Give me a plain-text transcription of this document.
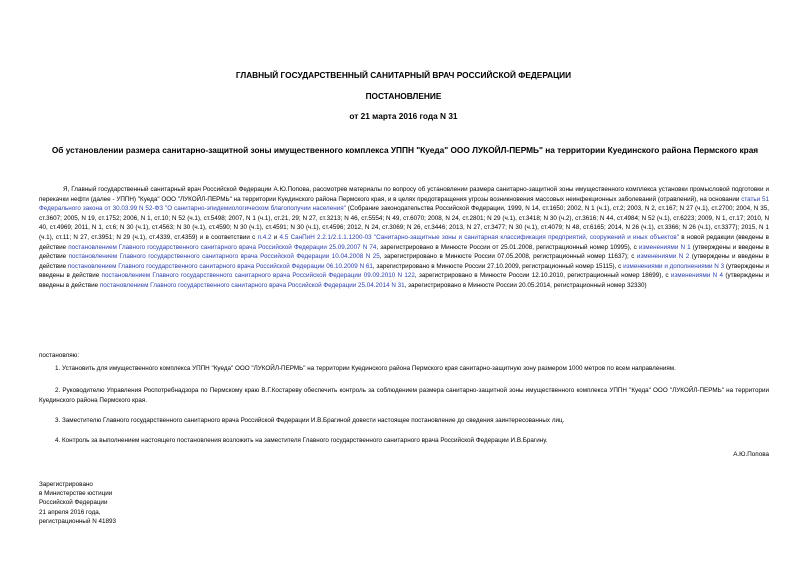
ГЛАВНЫЙ ГОСУДАРСТВЕННЫЙ САНИТАРНЫЙ ВРАЧ РОССИЙСКОЙ ФЕДЕРАЦИИ
ПОСТАНОВЛЕНИЕ
от 21 марта 2016 года N 31
Об установлении размера санитарно-защитной зоны имущественного комплекса УППН "Куеда" ООО ЛУКОЙЛ-ПЕРМЬ" на территории Куединского района Пермского края
Я, Главный государственный санитарный врач Российской Федерации А.Ю.Попова, рассмотрев материалы по вопросу об установлении размера санитарно-защитной зоны имущественного комплекса установки промысловой подготовки и перекачки нефти (далее - УППН) "Куеда" ООО "ЛУКОЙЛ-ПЕРМЬ" на территории Куединского района Пермского края, и в целях предотвращения угрозы возникновения массовых неинфекционных заболеваний (отравлений), на основании статьи 51 Федерального закона от 30.03.99 N 52-ФЗ "О санитарно-эпидемиологическом благополучии населения" (Собрание законодательства Российской Федерации, 1999, N 14, ст.1650; 2002, N 1 (ч.1), ст.2; 2003, N 2, ст.167; N 27 (ч.1), ст.2700; 2004, N 35, ст.3607; 2005, N 19, ст.1752; 2006, N 1, ст.10; N 52 (ч.1), ст.5498; 2007, N 1 (ч.1), ст.21, 29; N 27, ст.3213; N 46, ст.5554; N 49, ст.6070; 2008, N 24, ст.2801; N 29 (ч.1), ст.3418; N 30 (ч.2), ст.3616; N 44, ст.4984; N 52 (ч.1), ст.6223; 2009, N 1, ст.17; 2010, N 40, ст.4969; 2011, N 1, ст.6; N 30 (ч.1), ст.4563; N 30 (ч.1), ст.4590; N 30 (ч.1), ст.4591; N 30 (ч.1), ст.4596; 2012, N 24, ст.3069; N 26, ст.3446; 2013, N 27, ст.3477; N 30 (ч.1), ст.4079; N 48, ст.6165; 2014, N 26 (ч.1), ст.3366; N 26 (ч.1), ст.3377); 2015, N 1 (ч.1), ст.11; N 27, ст.3951; N 29 (ч.1), ст.4339, ст.4359) и в соответствии с п.4.2 и 4.5 СанПиН 2.2.1/2.1.1.1200-03 "Санитарно-защитные зоны и санитарная классификация предприятий, сооружений и иных объектов" в новой редакции (введены в действие постановлением Главного государственного санитарного врача Российской Федерации 25.09.2007 N 74, зарегистрировано в Минюсте России от 25.01.2008, регистрационный номер 10995), с изменениями N 1 (утверждены и введены в действие постановлением Главного государственного санитарного врача Российской Федерации 10.04.2008 N 25, зарегистрировано в Минюсте России 07.05.2008, регистрационный номер 11637); с изменениями N 2 (утверждены и введены в действие постановлением Главного государственного санитарного врача Российской Федерации 06.10.2009 N 61, зарегистрировано в Минюсте России 27.10.2009, регистрационный номер 15115), с изменениями и дополнениями N 3 (утверждены и введены в действие постановлением Главного государственного санитарного врача Российской Федерации 09.09.2010 N 122, зарегистрировано в Минюсте России 12.10.2010, регистрационный номер 18699), с изменениями N 4 (утверждены и введены в действие постановлением Главного государственного санитарного врача Российской Федерации 25.04.2014 N 31, зарегистрировано в Минюсте России 20.05.2014, регистрационный номер 32330)
постановляю:
1. Установить для имущественного комплекса УППН "Куеда" ООО "ЛУКОЙЛ-ПЕРМЬ" на территории Куединского района Пермского края санитарно-защитную зону размером 1000 метров по всем направлениям.
2. Руководителю Управления Роспотребнадзора по Пермскому краю В.Г.Костареву обеспечить контроль за соблюдением размера санитарно-защитной зоны имущественного комплекса УППН "Куеда" ООО "ЛУКОЙЛ-ПЕРМЬ" на территории Куединского района Пермского края.
3. Заместителю Главного государственного санитарного врача Российской Федерации И.В.Брагиной довести настоящее постановление до сведения заинтересованных лиц.
4. Контроль за выполнением настоящего постановления возложить на заместителя Главного государственного санитарного врача Российской Федерации И.В.Брагину.
А.Ю.Попова
Зарегистрировано
в Министерстве юстиции
Российской Федерации
21 апреля 2016 года,
регистрационный N 41893
